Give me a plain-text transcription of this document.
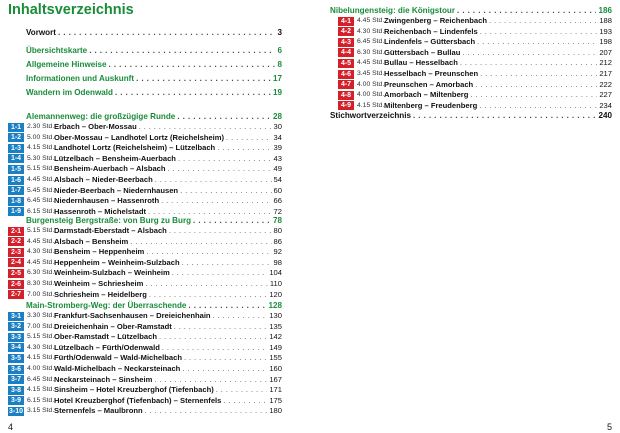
Inhaltsverzeichnis
Vorwort . . .	3
Übersichtskarte . . .	6
Allgemeine Hinweise . . .	8
Informationen und Auskunft . . .	17
Wandern im Odenwald . . .	19
Alemannenweg: die großzügige Runde . . .	28
1-1 2.30 Std. Erbach – Ober-Mossau . . .	30
1-2 5.00 Std. Ober-Mossau – Landhotel Lortz (Reichelsheim) . . .	34
1-3 4.15 Std. Landhotel Lortz (Reichelsheim) – Lützelbach . . .	39
1-4 5.30 Std. Lützelbach – Bensheim-Auerbach . . .	43
1-5 5.15 Std. Bensheim-Auerbach – Alsbach . . .	49
1-6 4.45 Std. Alsbach – Nieder-Beerbach . . .	54
1-7 5.45 Std. Nieder-Beerbach – Niedernhausen . . .	60
1-8 6.45 Std. Niedernhausen – Hassenroth . . .	66
1-9 6.15 Std. Hassenroth – Michelstadt . . .	72
Burgensteig Bergstraße: von Burg zu Burg . . .	78
2-1 5.15 Std. Darmstadt-Eberstadt – Alsbach . . .	80
2-2 4.45 Std. Alsbach – Bensheim . . .	86
2-3 4.30 Std. Bensheim – Heppenheim . . .	92
2-4 4.45 Std. Heppenheim – Weinheim-Sulzbach . . .	98
2-5 6.30 Std. Weinheim-Sulzbach – Weinheim . . .	104
2-6 8.30 Std. Weinheim – Schriesheim . . .	110
2-7 7.00 Std. Schriesheim – Heidelberg . . .	120
Main-Stromberg-Weg: der Überraschende . . .	128
3-1 3.30 Std. Frankfurt-Sachsenhausen – Dreieichenhain . . .	130
3-2 7.00 Std. Dreieichenhain – Ober-Ramstadt . . .	135
3-3 5.15 Std. Ober-Ramstadt – Lützelbach . . .	142
3-4 4.30 Std. Lützelbach – Fürth/Odenwald . . .	149
3-5 4.15 Std. Fürth/Odenwald – Wald-Michelbach . . .	155
3-6 4.00 Std. Wald-Michelbach – Neckarsteinach . . .	160
3-7 6.45 Std. Neckarsteinach – Sinsheim . . .	167
3-8 4.15 Std. Sinsheim – Hotel Kreuzberghof (Tiefenbach) . . .	171
3-9 6.15 Std. Hotel Kreuzberghof (Tiefenbach) – Sternenfels . . .	175
3-10 3.15 Std. Sternenfels – Maulbronn . . .	180
4
Nibelungensteig: die Königstour . . .	186
4-1 4.45 Std. Zwingenberg – Reichenbach . . .	188
4-2 4.30 Std. Reichenbach – Lindenfels . . .	193
4-3 6.45 Std. Lindenfels – Güttersbach . . .	198
4-4 6.30 Std. Güttersbach – Bullau . . .	207
4-5 4.45 Std. Bullau – Hesselbach . . .	212
4-6 3.45 Std. Hesselbach – Preunschen . . .	217
4-7 4.00 Std. Preunschen – Amorbach . . .	222
4-8 4.00 Std. Amorbach – Miltenberg . . .	227
4-9 4.15 Std. Miltenberg – Freudenberg . . .	234
Stichwortverzeichnis . . .	240
5
